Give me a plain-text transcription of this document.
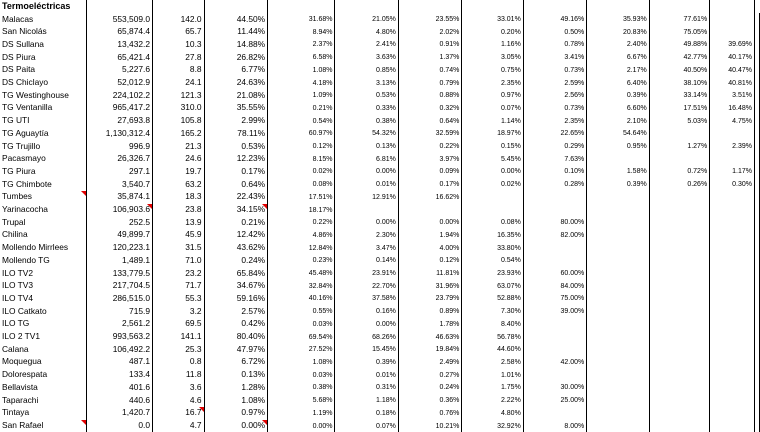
Termoeléctricas												
Malacas	553,509.0	142.0	44.50%	31.68%	21.05%	23.55%	33.01%	49.16%	35.93%	77.61%		
San Nicolás	65,874.4	65.7	11.44%	8.94%	4.80%	2.02%	0.20%	0.50%	20.83%	75.05%		
DS Sullana	13,432.2	10.3	14.88%	2.37%	2.41%	0.91%	1.16%	0.78%	2.40%	49.88%	39.69%	
DS Piura	65,421.4	27.8	26.82%	6.58%	3.63%	1.37%	3.05%	3.41%	6.67%	42.77%	40.17%	
DS Paita	5,227.6	8.8	6.77%	1.08%	0.85%	0.74%	0.75%	0.73%	2.17%	40.50%	40.47%	
DS Chiclayo	52,012.9	24.1	24.63%	4.18%	3.13%	0.79%	2.35%	2.59%	6.40%	38.10%	40.81%	
TG Westinghouse	224,102.2	121.3	21.08%	1.09%	0.53%	0.88%	0.97%	2.56%	0.39%	33.14%	3.51%	
TG Ventanilla	965,417.2	310.0	35.55%	0.21%	0.33%	0.32%	0.07%	0.73%	6.60%	17.51%	16.48%	
TG UTI	27,693.8	105.8	2.99%	0.54%	0.38%	0.64%	1.14%	2.35%	2.10%	5.03%	4.75%	
TG Aguaytía	1,130,312.4	165.2	78.11%	60.97%	54.32%	32.59%	18.97%	22.65%	54.64%			
TG Trujillo	996.9	21.3	0.53%	0.12%	0.13%	0.22%	0.15%	0.29%	0.95%	1.27%	2.39%	
Pacasmayo	26,326.7	24.6	12.23%	8.15%	6.81%	3.97%	5.45%	7.63%				
TG Piura	297.1	19.7	0.17%	0.02%	0.00%	0.09%	0.00%	0.10%	1.58%	0.72%	1.17%	
TG Chimbote	3,540.7	63.2	0.64%	0.08%	0.01%	0.17%	0.02%	0.28%	0.39%	0.26%	0.30%	
Tumbes	35,874.1	18.3	22.43%	17.51%	12.91%	16.62%						
Yarinacocha	106,903.6	23.8	34.15%	18.17%								
Trupal	252.5	13.9	0.21%	0.22%	0.00%	0.00%	0.08%	80.00%				
Chilina	49,899.7	45.9	12.42%	4.86%	2.30%	1.94%	16.35%	82.00%				
Mollendo Mirrlees	120,223.1	31.5	43.62%	12.84%	3.47%	4.00%	33.80%					
Mollendo TG	1,489.1	71.0	0.24%	0.23%	0.14%	0.12%	0.54%					
ILO TV2	133,779.5	23.2	65.84%	45.48%	23.91%	11.81%	23.93%	60.00%				
ILO TV3	217,704.5	71.7	34.67%	32.84%	22.70%	31.96%	63.07%	84.00%				
ILO TV4	286,515.0	55.3	59.16%	40.16%	37.58%	23.79%	52.88%	75.00%				
ILO Catkato	715.9	3.2	2.57%	0.55%	0.16%	0.89%	7.30%	39.00%				
ILO TG	2,561.2	69.5	0.42%	0.03%	0.00%	1.78%	8.40%					
ILO 2 TV1	993,563.2	141.1	80.40%	69.54%	68.26%	46.63%	56.78%					
Calana	106,492.2	25.3	47.97%	27.52%	15.45%	19.84%	44.60%					
Moquegua	487.1	0.8	6.72%	1.08%	0.39%	2.49%	2.58%	42.00%				
Dolorespata	133.4	11.8	0.13%	0.03%	0.01%	0.27%	1.01%					
Bellavista	401.6	3.6	1.28%	0.38%	0.31%	0.24%	1.75%	30.00%				
Taparachi	440.6	4.6	1.08%	5.68%	1.18%	0.36%	2.22%	25.00%				
Tintaya	1,420.7	16.7	0.97%	1.19%	0.18%	0.76%	4.80%					
San Rafael	0.0	4.7	0.00%	0.00%	0.07%	10.21%	32.92%	8.00%				
